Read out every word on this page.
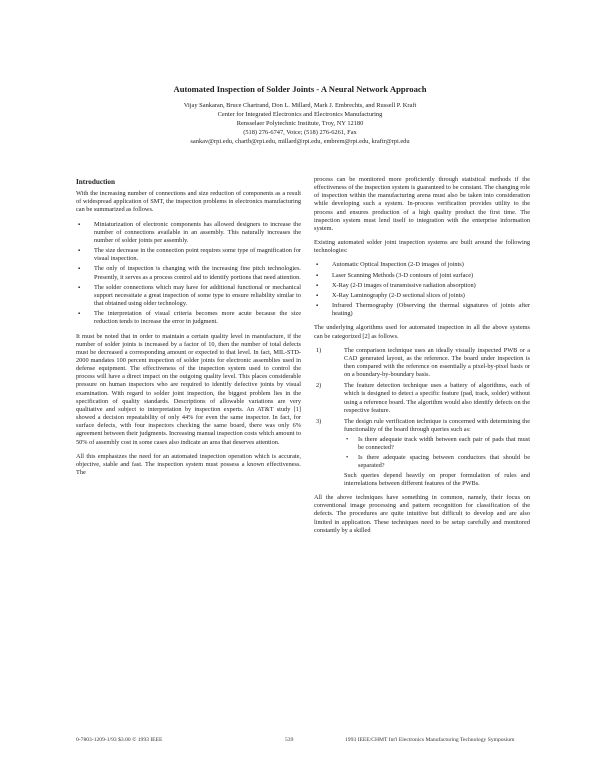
Automated Inspection of Solder Joints - A Neural Network Approach
Vijay Sankaran, Bruce Chartrand, Don L. Millard, Mark J. Embrechts, and Russell P. Kraft
Center for Integrated Electronics and Electronics Manufacturing
Rensselaer Polytechnic Institute, Troy, NY 12180
(518) 276-6747, Voice; (518) 276-6261, Fax
sankav@rpi.edu, chartb@rpi.edu, millard@rpi.edu, embrem@rpi.edu, kraftr@rpi.edu
Introduction

With the increasing number of connections and size reduction of components as a result of widespread application of SMT, the inspection problems in electronics manufacturing can be summarized as follows.

▪ Miniaturization of electronic components has allowed designers to increase the number of connections available in an assembly. This naturally increases the number of solder joints per assembly.
▪ The size decrease in the connection point requires some type of magnification for visual inspection.
▪ The only of inspection is changing with the increasing fine pitch technologies. Presently, it serves as a process control aid to identify portions that need attention.
▪ The solder connections which may have for additional functional or mechanical support necessitate a great inspection of some type to ensure reliability similar to that obtained using older technology.
▪ The interpretation of visual criteria becomes more acute because the size reduction tends to increase the error in judgment.

It must be noted that in order to maintain a certain quality level in manufacture, if the number of solder joints is increased by a factor of 10, then the number of total defects must be decreased a corresponding amount or expected to that level. In fact, MIL-STD-2000 mandates 100 percent inspection of solder joints for electronic assemblies used in defense equipment. The effectiveness of the inspection system used to control the process will have a direct impact on the outgoing quality level. This places considerable pressure on human inspectors who are required to identify defective joints by visual examination. With regard to solder joint inspection, the biggest problem lies in the specification of quality standards. Descriptions of allowable variations are very qualitative and subject to interpretation by inspection experts. An AT&T study [1] showed a decision repeatability of only 44% for even the same inspector. In fact, for surface defects, with four inspectors checking the same board, there was only 6% agreement between their judgments. Increasing manual inspection costs which amount to 50% of assembly cost in some cases also indicate an area that deserves attention.

All this emphasizes the need for an automated inspection operation which is accurate, objective, stable and fast. The inspection system must possess a known effectiveness. The

process can be monitored more proficiently through statistical methods if the effectiveness of the inspection system is guaranteed to be constant. The changing role of inspection within the manufacturing arena must also be taken into consideration while developing such a system. In-process verification provides utility to the process and ensures production of a high quality product the first time. The inspection system must lend itself to integration with the enterprise information system.

Existing automated solder joint inspection systems are built around the following technologies:

▪ Automatic Optical Inspection (2-D images of joints)
▪ Laser Scanning Methods (3-D contours of joint surface)
▪ X-Ray (2-D images of transmissive radiation absorption)
▪ X-Ray Laminography (2-D sectional slices of joints)
▪ Infrared Thermography (Observing the thermal signatures of joints after heating)

The underlying algorithms used for automated inspection in all the above systems can be categorized [2] as follows.

1)	The comparison technique uses an ideally visually inspected PWB or a CAD generated layout, as the reference. The board under inspection is then compared with the reference on essentially a pixel-by-pixel basis or on a boundary-by-boundary basis.
2)	The feature detection technique uses a battery of algorithms, each of which is designed to detect a specific feature (pad, track, solder) without using a reference board. The algorithm would also identify defects on the respective feature.
3)	The design rule verification technique is concerned with determining the functionality of the board through queries such as:
• Is there adequate track width between each pair of pads that must be connected?
• Is there adequate spacing between conductors that should be separated?
Such queries depend heavily on proper formulation of rules and interrelations between different features of the PWBs.

All the above techniques have something in common, namely, their focus on conventional image processing and pattern recognition for classification of the defects. The procedures are quite intuitive but difficult to develop and are also limited in application. These techniques need to be setup carefully and monitored constantly by a skilled

0-7803-1209-1/93 $3.00 © 1993 IEEE	539	1993 IEEE/CHMT Int'l Electronics Manufacturing Technology Symposium
